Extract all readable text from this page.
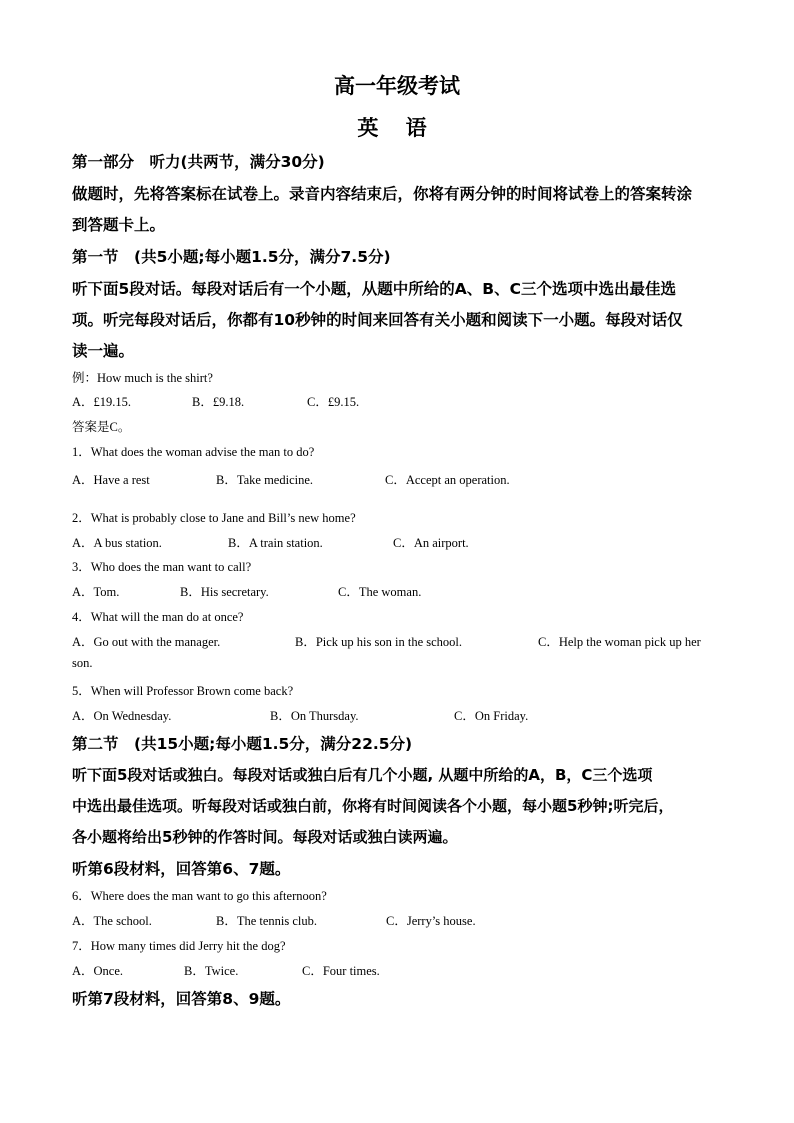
高一年级考试
英 语
第一部分　听力(共两节，满分30分)
做题时，先将答案标在试卷上。录音内容结束后，你将有两分钟的时间将试卷上的答案转涂
到答题卡上。
第一节　(共5小题;每小题1.5分，满分7.5分)
听下面5段对话。每段对话后有一个小题，从题中所给的A、B、C三个选项中选出最佳选
项。听完每段对话后，你都有10秒钟的时间来回答有关小题和阅读下一小题。每段对话仅
读一遍。
例：How much is the shirt?
A．£19.15.	B．£9.18.	C．£9.15.
答案是C。
1．What does the woman advise the man to do?
A．Have a rest	B．Take medicine.	C．Accept an operation.
2．What is probably close to Jane and Bill’s new home?
A．A bus station.	B．A train station.	C．An airport.
3．Who does the man want to call?
A．Tom.	B．His secretary.	C．The woman.
4．What will the man do at once?
A．Go out with the manager.	B．Pick up his son in the school.	C．Help the woman pick up her
son.
5．When will Professor Brown come back?
A．On Wednesday.	B．On Thursday.	C．On Friday.
第二节　(共15小题;每小题1.5分，满分22.5分)
听下面5段对话或独白。每段对话或独白后有几个小题, 从题中所给的A，B，C三个选项
中选出最佳选项。听每段对话或独白前，你将有时间阅读各个小题，每小题5秒钟;听完后，
各小题将给出5秒钟的作答时间。每段对话或独白读两遍。
听第6段材料，回答第6、7题。
6．Where does the man want to go this afternoon?
A．The school.	B．The tennis club.	C．Jerry’s house.
7．How many times did Jerry hit the dog?
A．Once.	B．Twice.	C．Four times.
听第7段材料，回答第8、9题。
